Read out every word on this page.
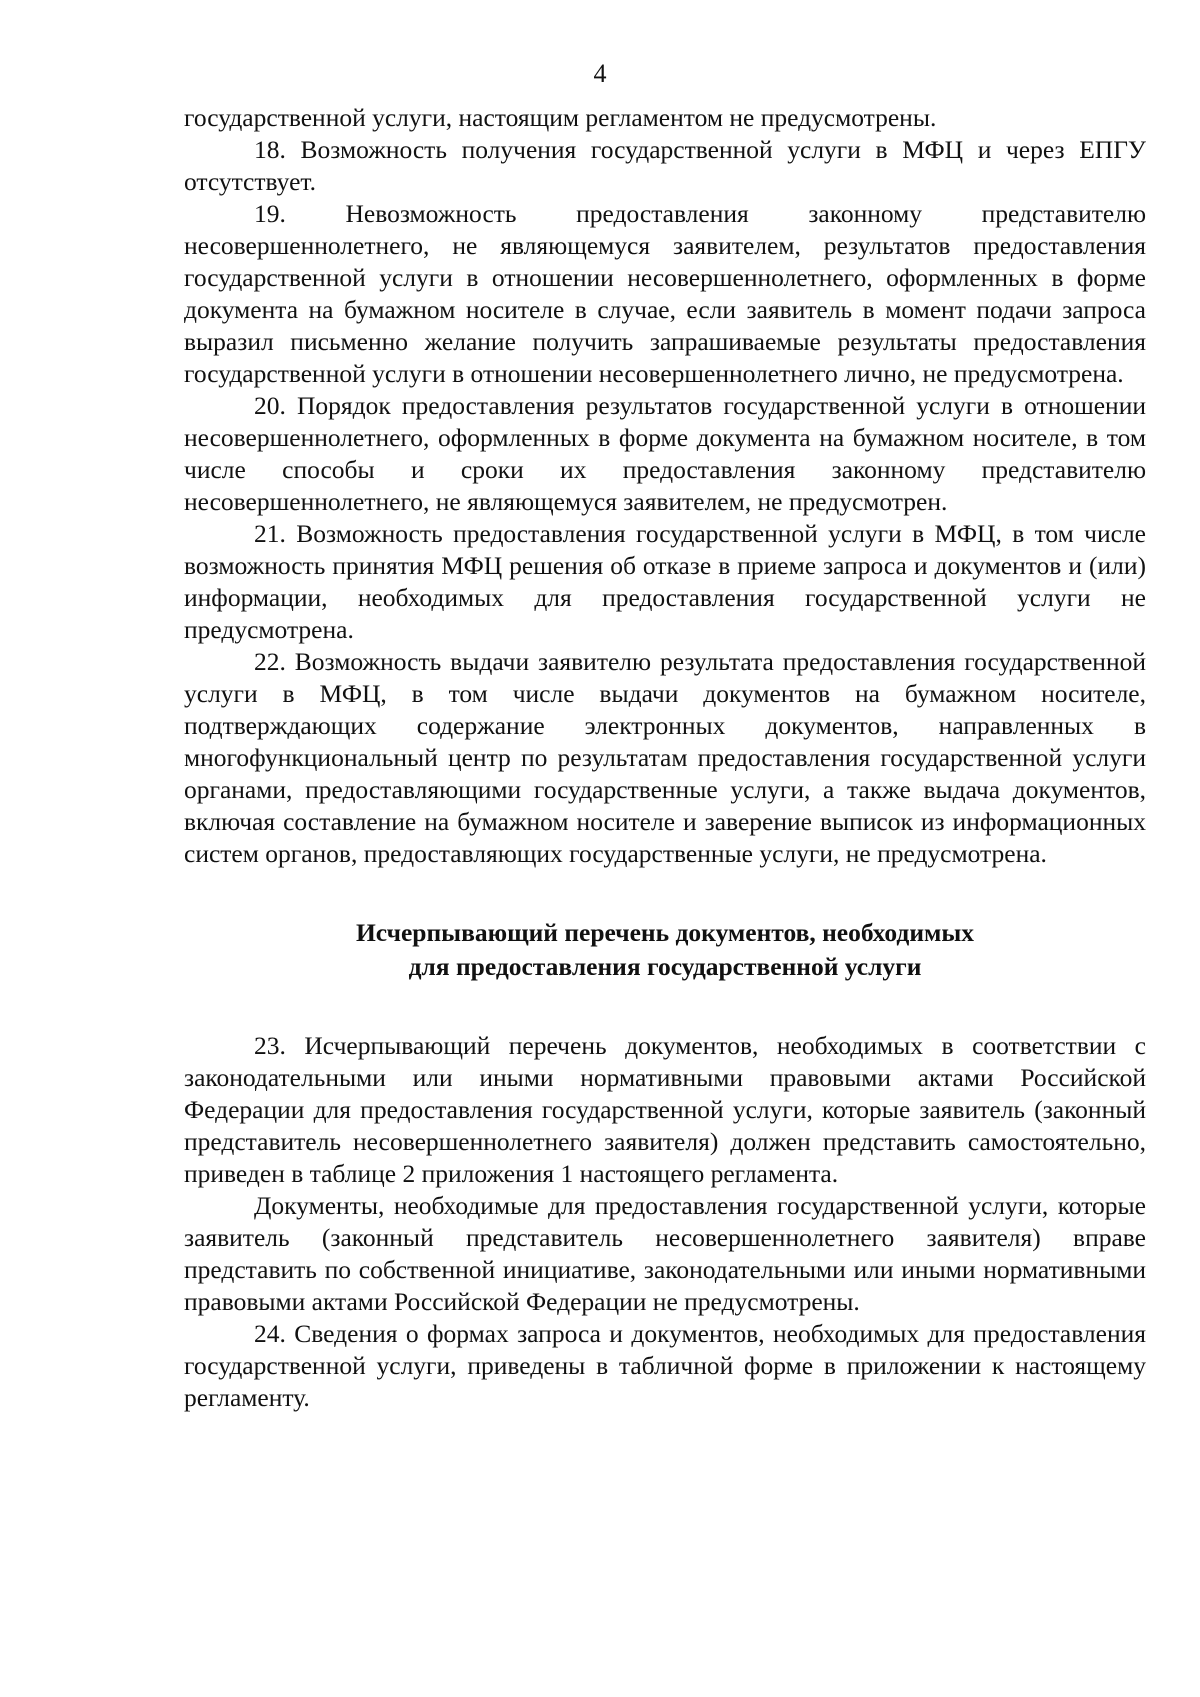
4

государственной услуги, настоящим регламентом не предусмотрены.

18. Возможность получения государственной услуги в МФЦ и через ЕПГУ отсутствует.

19. Невозможность предоставления законному представителю несовершеннолетнего, не являющемуся заявителем, результатов предоставления государственной услуги в отношении несовершеннолетнего, оформленных в форме документа на бумажном носителе в случае, если заявитель в момент подачи запроса выразил письменно желание получить запрашиваемые результаты предоставления государственной услуги в отношении несовершеннолетнего лично, не предусмотрена.

20. Порядок предоставления результатов государственной услуги в отношении несовершеннолетнего, оформленных в форме документа на бумажном носителе, в том числе способы и сроки их предоставления законному представителю несовершеннолетнего, не являющемуся заявителем, не предусмотрен.

21. Возможность предоставления государственной услуги в МФЦ, в том числе возможность принятия МФЦ решения об отказе в приеме запроса и документов и (или) информации, необходимых для предоставления государственной услуги не предусмотрена.

22. Возможность выдачи заявителю результата предоставления государственной услуги в МФЦ, в том числе выдачи документов на бумажном носителе, подтверждающих содержание электронных документов, направленных в многофункциональный центр по результатам предоставления государственной услуги органами, предоставляющими государственные услуги, а также выдача документов, включая составление на бумажном носителе и заверение выписок из информационных систем органов, предоставляющих государственные услуги, не предусмотрена.

Исчерпывающий перечень документов, необходимых
для предоставления государственной услуги

23. Исчерпывающий перечень документов, необходимых в соответствии с законодательными или иными нормативными правовыми актами Российской Федерации для предоставления государственной услуги, которые заявитель (законный представитель несовершеннолетнего заявителя) должен представить самостоятельно, приведен в таблице 2 приложения 1 настоящего регламента.

Документы, необходимые для предоставления государственной услуги, которые заявитель (законный представитель несовершеннолетнего заявителя) вправе представить по собственной инициативе, законодательными или иными нормативными правовыми актами Российской Федерации не предусмотрены.

24. Сведения о формах запроса и документов, необходимых для предоставления государственной услуги, приведены в табличной форме в приложении к настоящему регламенту.
